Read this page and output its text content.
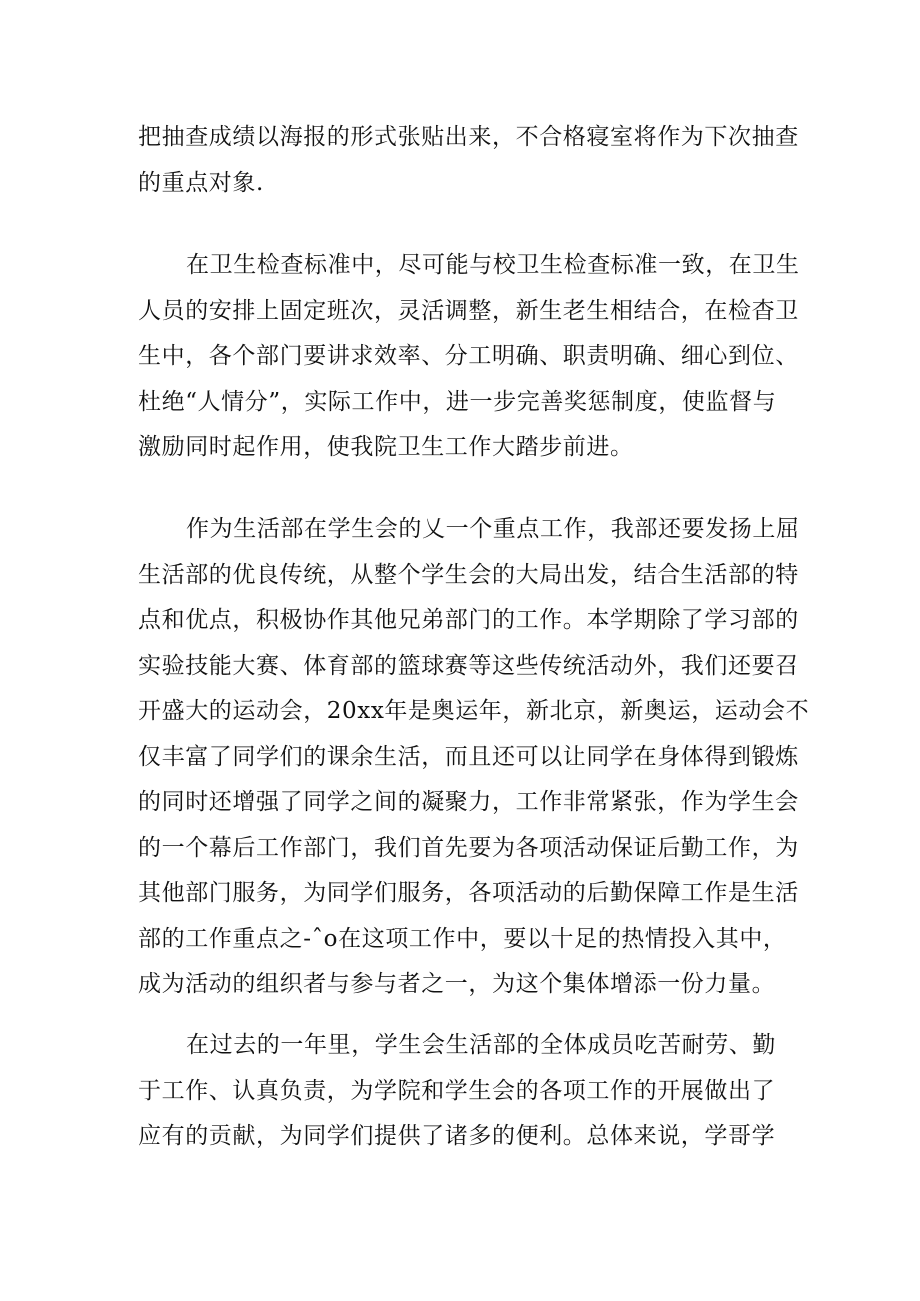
把抽查成绩以海报的形式张贴出来，不合格寝室将作为下次抽查
的重点对象.
在卫生检查标准中，尽可能与校卫生检查标准一致，在卫生
人员的安排上固定班次，灵活调整，新生老生相结合，在检杳卫
生中，各个部门要讲求效率、分工明确、职责明确、细心到位、
杜绝“人情分”，实际工作中，进一步完善奖惩制度，使监督与
激励同时起作用，使我院卫生工作大踏步前进。
作为生活部在学生会的乂一个重点工作，我部还要发扬上屈
生活部的优良传统，从整个学生会的大局出发，结合生活部的特
点和优点，积极协作其他兄弟部门的工作。本学期除了学习部的
实验技能大赛、体育部的篮球赛等这些传统活动外，我们还要召
开盛大的运动会，20xx年是奥运年，新北京，新奥运，运动会不
仅丰富了同学们的课余生活，而且还可以让同学在身体得到锻炼
的同时还增强了同学之间的凝聚力，工作非常紧张，作为学生会
的一个幕后工作部门，我们首先要为各项活动保证后勤工作，为
其他部门服务，为同学们服务，各项活动的后勤保障工作是生活
部的工作重点之-ˆo在这项工作中，要以十足的热情投入其中，
成为活动的组织者与参与者之一，为这个集体增添一份力量。
在过去的一年里，学生会生活部的全体成员吃苦耐劳、勤
于工作、认真负责，为学院和学生会的各项工作的开展做出了
应有的贡献，为同学们提供了诸多的便利。总体来说，学哥学
